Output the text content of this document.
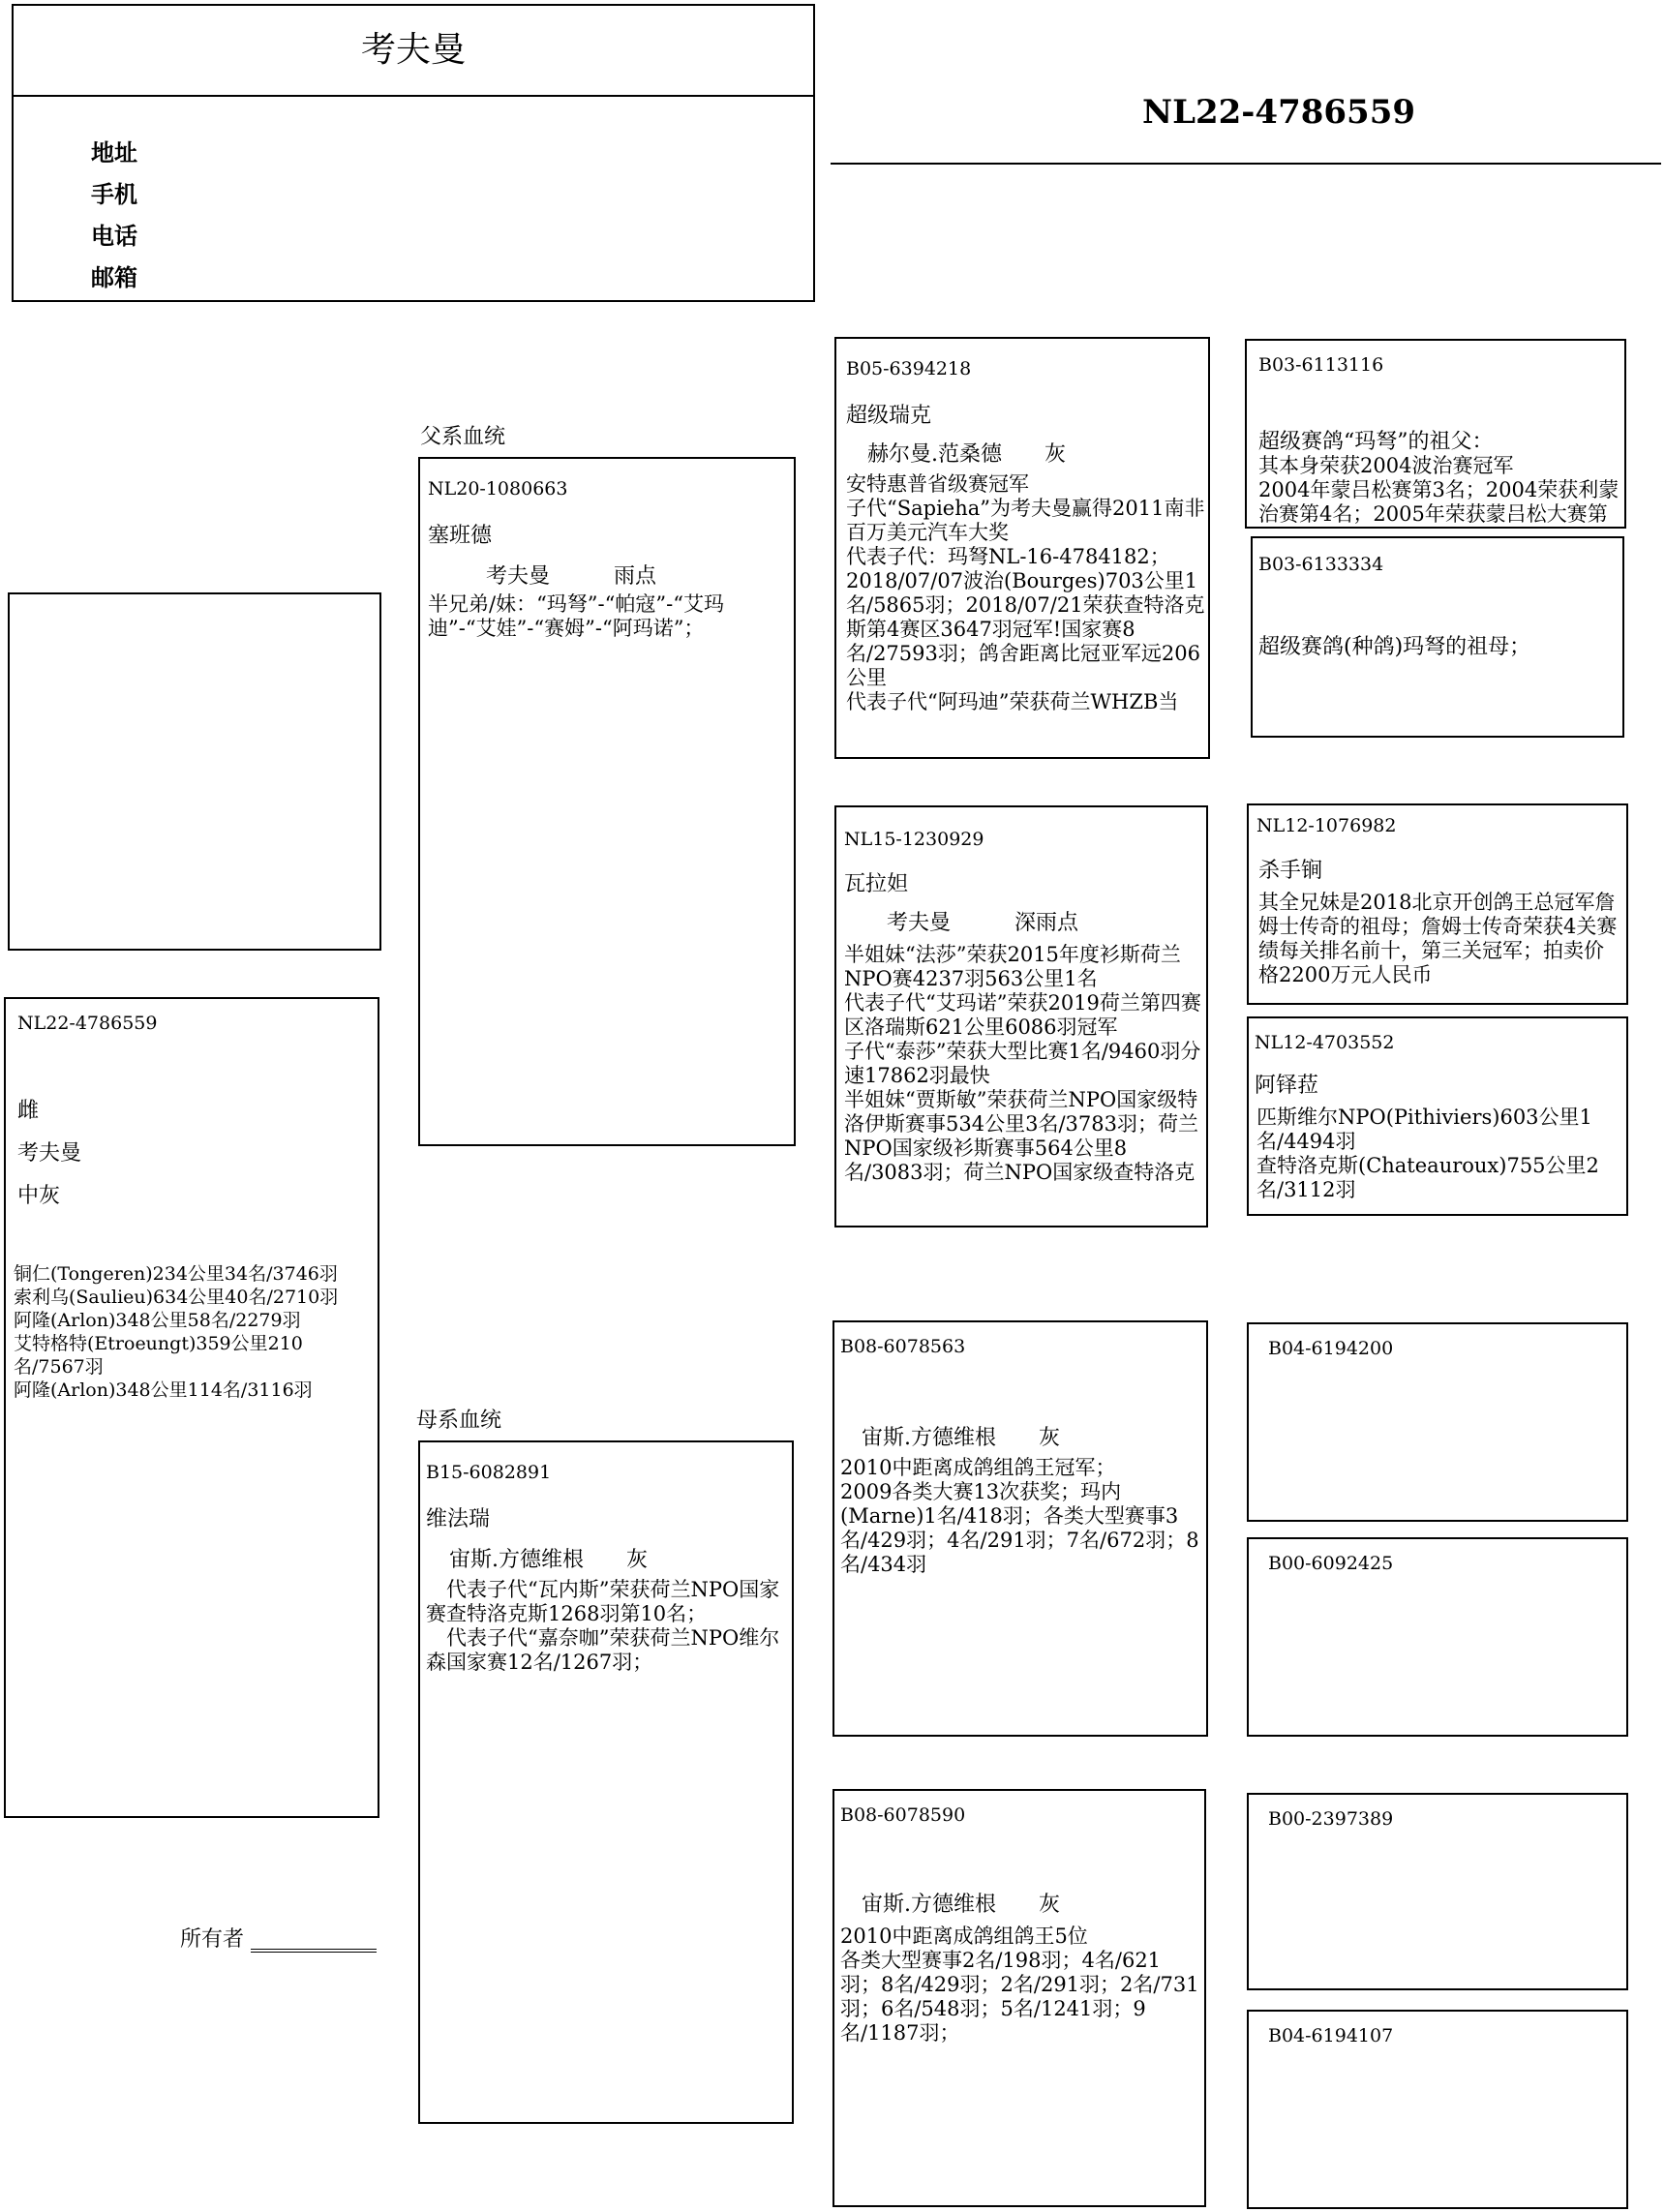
考夫曼
地址
手机
电话
邮箱
NL22-4786559
NL22-4786559
雌
考夫曼
中灰
铜仁(Tongeren)234公里34名/3746羽
索利乌(Saulieu)634公里40名/2710羽
阿隆(Arlon)348公里58名/2279羽
艾特格特(Etroeungt)359公里210名/7567羽
阿隆(Arlon)348公里114名/3116羽
所有者
父系血统
NL20-1080663
塞班德
考夫曼　　　雨点
半兄弟/妹：“玛弩”-“帕寇”-“艾玛迪”-“艾娃”-“赛姆”-“阿玛诺”；
母系血统
B15-6082891
维法瑞
宙斯.方德维根　　灰
　代表子代“瓦内斯”荣获荷兰NPO国家赛查特洛克斯1268羽第10名；
　代表子代“嘉奈咖”荣获荷兰NPO维尔森国家赛12名/1267羽；
B05-6394218
超级瑞克
　赫尔曼.范桑德　　灰
安特惠普省级赛冠军
子代“Sapieha”为考夫曼赢得2011南非百万美元汽车大奖
代表子代：玛弩NL-16-4784182；2018/07/07波治(Bourges)703公里1名/5865羽；2018/07/21荣获查特洛克斯第4赛区3647羽冠军!国家赛8名/27593羽；鸽舍距离比冠亚军远206公里
代表子代“阿玛迪”荣获荷兰WHZB当
NL15-1230929
瓦拉妲
　　考夫曼　　　深雨点
半姐妹“法莎”荣获2015年度衫斯荷兰NPO赛4237羽563公里1名
代表子代“艾玛诺”荣获2019荷兰第四赛区洛瑞斯621公里6086羽冠军
子代“泰莎”荣获大型比赛1名/9460羽分速17862羽最快
半姐妹“贾斯敏”荣获荷兰NPO国家级特洛伊斯赛事534公里3名/3783羽；荷兰NPO国家级衫斯赛事564公里8名/3083羽；荷兰NPO国家级查特洛克
B08-6078563
　宙斯.方德维根　　灰
2010中距离成鸽组鸽王冠军；
2009各类大赛13次获奖；玛内(Marne)1名/418羽；各类大型赛事3名/429羽；4名/291羽；7名/672羽；8名/434羽
B08-6078590
　宙斯.方德维根　　灰
2010中距离成鸽组鸽王5位
各类大型赛事2名/198羽；4名/621羽；8名/429羽；2名/291羽；2名/731羽；6名/548羽；5名/1241羽；9名/1187羽；
B03-6113116
超级赛鸽“玛弩”的祖父：
其本身荣获2004波治赛冠军
2004年蒙吕松赛第3名；2004荣获利蒙治赛第4名；2005年荣获蒙吕松大赛第
B03-6133334
超级赛鸽(种鸽)玛弩的祖母；
NL12-1076982
杀手锏
其全兄妹是2018北京开创鸽王总冠军詹姆士传奇的祖母；詹姆士传奇荣获4关赛绩每关排名前十，第三关冠军；拍卖价格2200万元人民币
NL12-4703552
阿铎菈
匹斯维尔NPO(Pithiviers)603公里1名/4494羽
查特洛克斯(Chateauroux)755公里2名/3112羽
B04-6194200
B00-6092425
B00-2397389
B04-6194107
